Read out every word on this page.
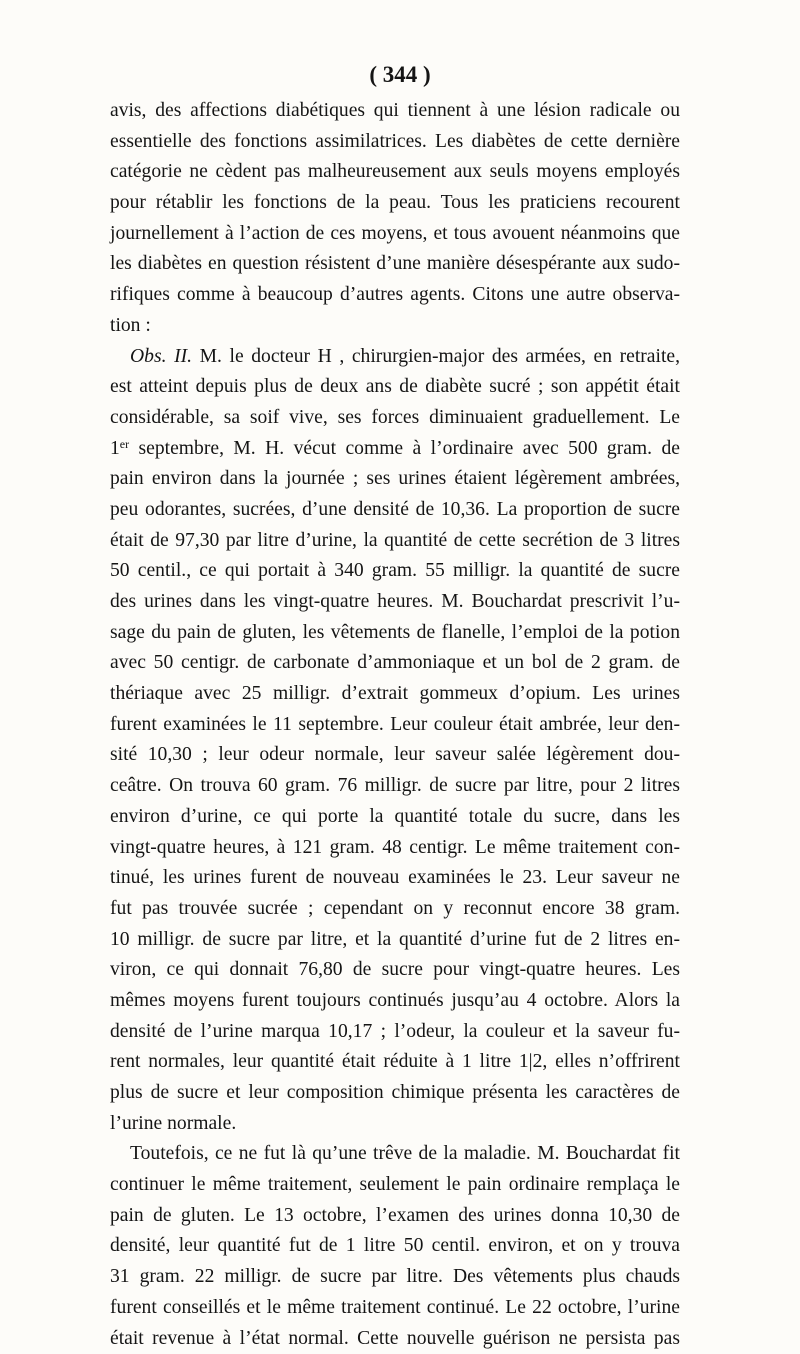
( 344 )
avis, des affections diabétiques qui tiennent à une lésion radicale ou
essentielle des fonctions assimilatrices. Les diabètes de cette dernière
catégorie ne cèdent pas malheureusement aux seuls moyens employés
pour rétablir les fonctions de la peau. Tous les praticiens recourent
journellement à l’action de ces moyens, et tous avouent néanmoins que
les diabètes en question résistent d’une manière désespérante aux sudo-
rifiques comme à beaucoup d’autres agents. Citons une autre observa-
tion :
Obs. II. M. le docteur H , chirurgien-major des armées, en retraite,
est atteint depuis plus de deux ans de diabète sucré ; son appétit était
considérable, sa soif vive, ses forces diminuaient graduellement. Le
1er septembre, M. H. vécut comme à l’ordinaire avec 500 gram. de
pain environ dans la journée ; ses urines étaient légèrement ambrées,
peu odorantes, sucrées, d’une densité de 10,36. La proportion de sucre
était de 97,30 par litre d’urine, la quantité de cette secrétion de 3 litres
50 centil., ce qui portait à 340 gram. 55 milligr. la quantité de sucre
des urines dans les vingt-quatre heures. M. Bouchardat prescrivit l’u-
sage du pain de gluten, les vêtements de flanelle, l’emploi de la potion
avec 50 centigr. de carbonate d’ammoniaque et un bol de 2 gram. de
thériaque avec 25 milligr. d’extrait gommeux d’opium. Les urines
furent examinées le 11 septembre. Leur couleur était ambrée, leur den-
sité 10,30 ; leur odeur normale, leur saveur salée légèrement dou-
ceâtre. On trouva 60 gram. 76 milligr. de sucre par litre, pour 2 litres
environ d’urine, ce qui porte la quantité totale du sucre, dans les
vingt-quatre heures, à 121 gram. 48 centigr. Le même traitement con-
tinué, les urines furent de nouveau examinées le 23. Leur saveur ne
fut pas trouvée sucrée ; cependant on y reconnut encore 38 gram.
10 milligr. de sucre par litre, et la quantité d’urine fut de 2 litres en-
viron, ce qui donnait 76,80 de sucre pour vingt-quatre heures. Les
mêmes moyens furent toujours continués jusqu’au 4 octobre. Alors la
densité de l’urine marqua 10,17 ; l’odeur, la couleur et la saveur fu-
rent normales, leur quantité était réduite à 1 litre 1|2, elles n’offrirent
plus de sucre et leur composition chimique présenta les caractères de
l’urine normale.
Toutefois, ce ne fut là qu’une trêve de la maladie. M. Bouchardat fit
continuer le même traitement, seulement le pain ordinaire remplaça le
pain de gluten. Le 13 octobre, l’examen des urines donna 10,30 de
densité, leur quantité fut de 1 litre 50 centil. environ, et on y trouva
31 gram. 22 milligr. de sucre par litre. Des vêtements plus chauds
furent conseillés et le même traitement continué. Le 22 octobre, l’urine
était revenue à l’état normal. Cette nouvelle guérison ne persista pas
